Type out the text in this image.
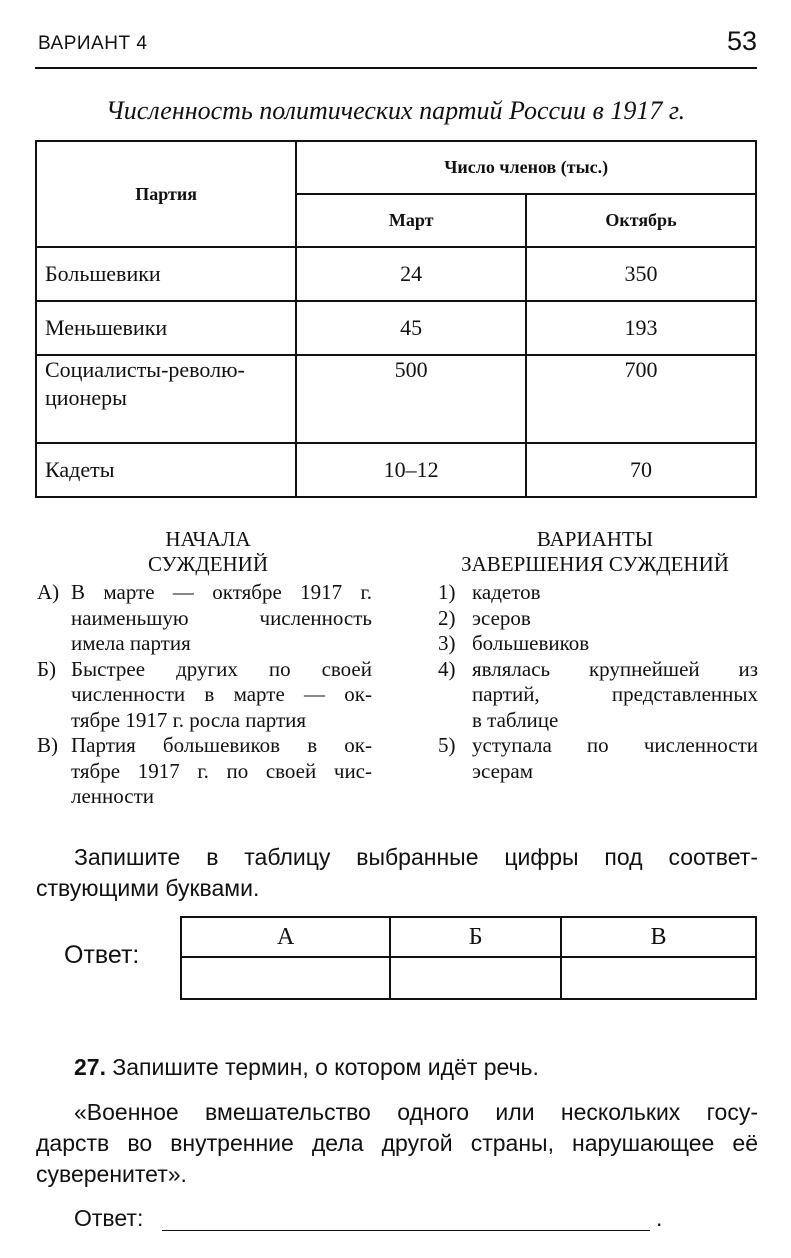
ВАРИАНТ 4	53
Численность политических партий России в 1917 г.
Партия	Число членов (тыс.)	
	Март	Октябрь
Большевики	24	350
Меньшевики	45	193

Социалисты-револю-
ционеры	500	700
Кадеты	10–12	70
НАЧАЛА
СУЖДЕНИЙ
А) В марте — октябре 1917 г.
наименьшую численность
имела партия
Б) Быстрее других по своей
численности в марте — ок-
тябре 1917 г. росла партия
В) Партия большевиков в ок-
тябре 1917 г. по своей чис-
ленности
ВАРИАНТЫ
ЗАВЕРШЕНИЯ СУЖДЕНИЙ
1) кадетов
2) эсеров
3) большевиков
4) являлась крупнейшей из
партий, представленных
в таблице
5) уступала по численности
эсерам
Запишите в таблицу выбранные цифры под соответ-
ствующими буквами.
Ответ:
А	Б	В

27. Запишите термин, о котором идёт речь.
«Военное вмешательство одного или нескольких госу-
дарств во внутренние дела другой страны, нарушающее её
суверенитет».
Ответ:	.
